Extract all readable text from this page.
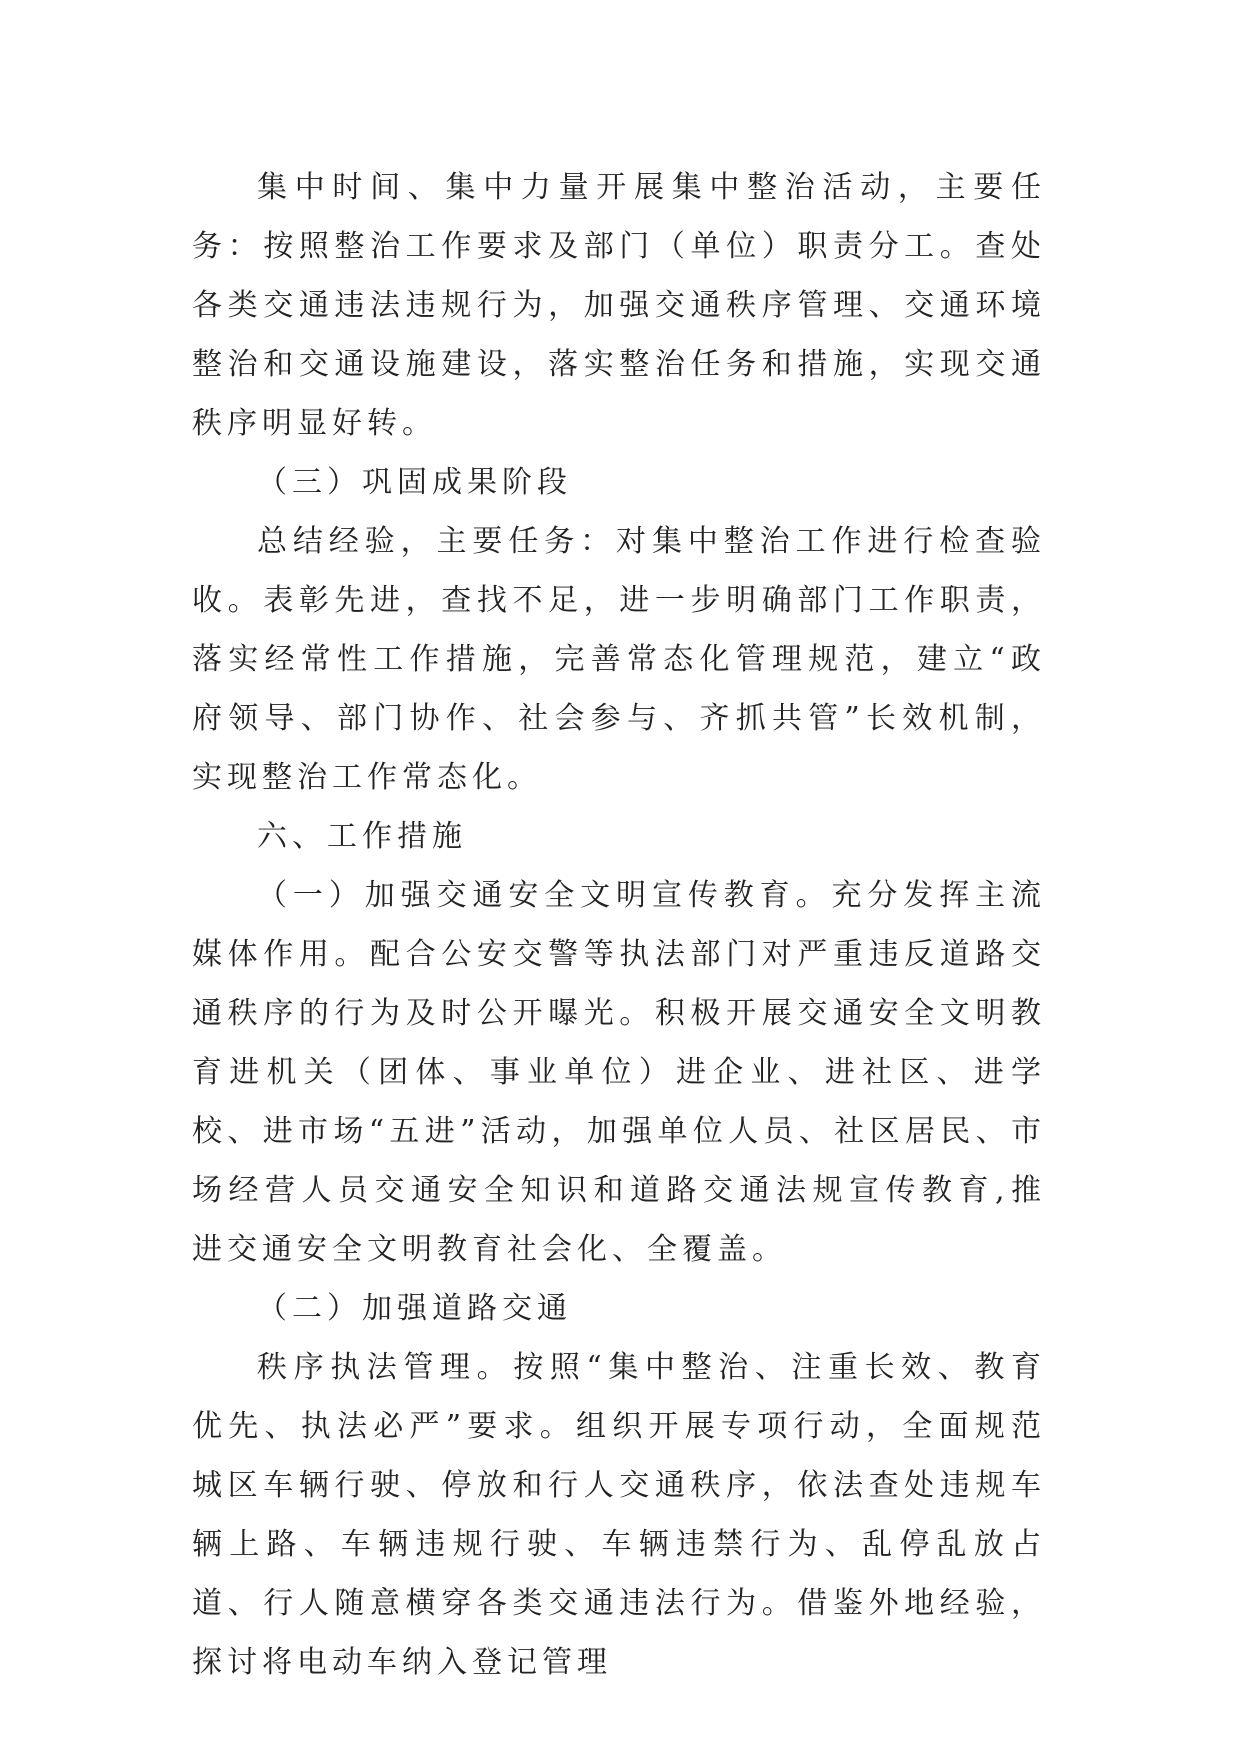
集中时间、集中力量开展集中整治活动，主要任务：按照整治工作要求及部门（单位）职责分工。查处各类交通违法违规行为，加强交通秩序管理、交通环境整治和交通设施建设，落实整治任务和措施，实现交通秩序明显好转。

（三）巩固成果阶段

总结经验，主要任务：对集中整治工作进行检查验收。表彰先进，查找不足，进一步明确部门工作职责，落实经常性工作措施，完善常态化管理规范，建立“政府领导、部门协作、社会参与、齐抓共管”长效机制，实现整治工作常态化。

六、工作措施

（一）加强交通安全文明宣传教育。充分发挥主流媒体作用。配合公安交警等执法部门对严重违反道路交通秩序的行为及时公开曝光。积极开展交通安全文明教育进机关（团体、事业单位）进企业、进社区、进学校、进市场“五进”活动，加强单位人员、社区居民、市场经营人员交通安全知识和道路交通法规宣传教育,推进交通安全文明教育社会化、全覆盖。

（二）加强道路交通

秩序执法管理。按照“集中整治、注重长效、教育优先、执法必严”要求。组织开展专项行动，全面规范城区车辆行驶、停放和行人交通秩序，依法查处违规车辆上路、车辆违规行驶、车辆违禁行为、乱停乱放占道、行人随意横穿各类交通违法行为。借鉴外地经验，探讨将电动车纳入登记管理
